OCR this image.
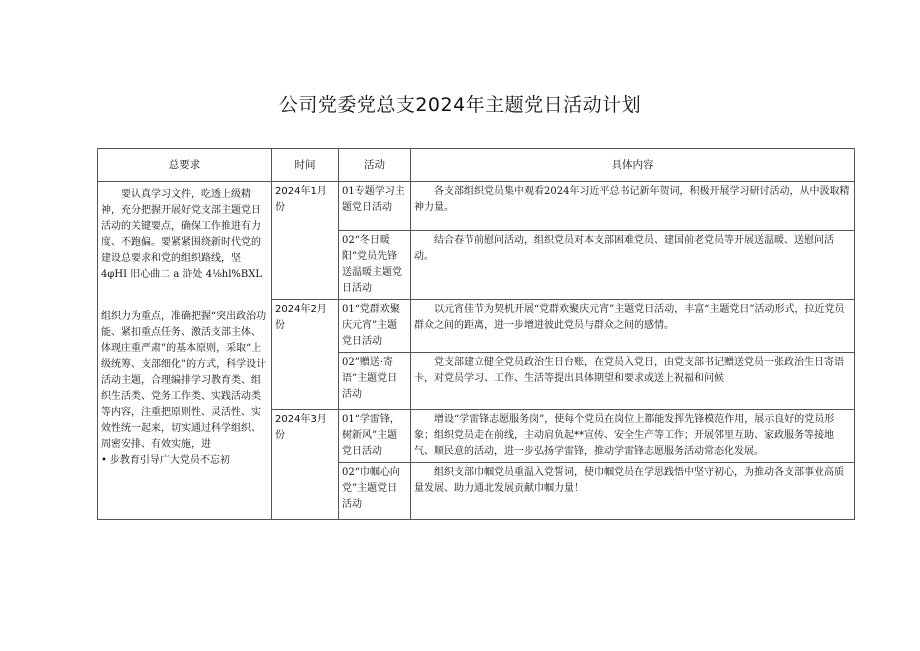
公司党委党总支2024年主题党日活动计划
总要求	时间	活动	具体内容

要认真学习文件，吃透上级精神，充分把握开展好党支部主题党日活动的关键要点，确保工作推进有力度、不跑偏。要紧紧围绕新时代党的建设总要求和党的组织路线，坚 4φHI 旧心曲二 a 浒处 4⅛hl%BXL
组织力为重点，准确把握“突出政治功能、紧扣重点任务、激活支部主体、体现庄重严肃”的基本原则，采取“上级统筹、支部细化”的方式，科学设计活动主题，合理编排学习教育类、组织生活类、党务工作类、实践活动类等内容，注重把原则性、灵活性、实效性统一起来，切实通过科学组织、周密安排、有效实施，进
• 步教育引导广大党员不忘初	2024年1月份	01专题学习主题党日活动	各支部组织党员集中观看2024年习近平总书记新年贺词，积极开展学习研讨活动，从中汲取精神力量。
		02“冬日暖阳”党员先锋送温暖主题党日活动	结合春节前慰问活动，组织党员对本支部困难党员、建国前老党员等开展送温暖、送慰问活动。
	2024年2月份	01“党群欢聚庆元宵”主题党日活动	以元宵佳节为契机开展“党群欢聚庆元宵”主题党日活动，丰富“主题党日”活动形式，拉近党员群众之间的距离，进一步增进彼此党员与群众之间的感情。
		02”赠送·寄语”主题党日活动	党支部建立健全党员政治生日台账，在党员入党日，由党支部书记赠送党员一张政治生日寄语卡，对党员学习、工作、生活等提出具体期望和要求或送上祝福和问候
	2024年3月份	01“学雷锋，树新风”主题党日活动	增设“学雷锋志愿服务岗”，使每个党员在岗位上都能发挥先锋模范作用，展示良好的党员形象；组织党员走在前线，主动肩负起**宣传、安全生产等工作；开展邻里互助、家政服务等接地气、顺民意的活动，进一步弘扬学雷锋，推动学雷锋志愿服务活动常态化发展。
		02“巾帼心向党”主题党日活动	组织支部巾帼党员重温入党誓词，使巾帼党员在学思践悟中坚守初心，为推动各支部事业高质量发展、助力通北发展贡献巾帼力量！
